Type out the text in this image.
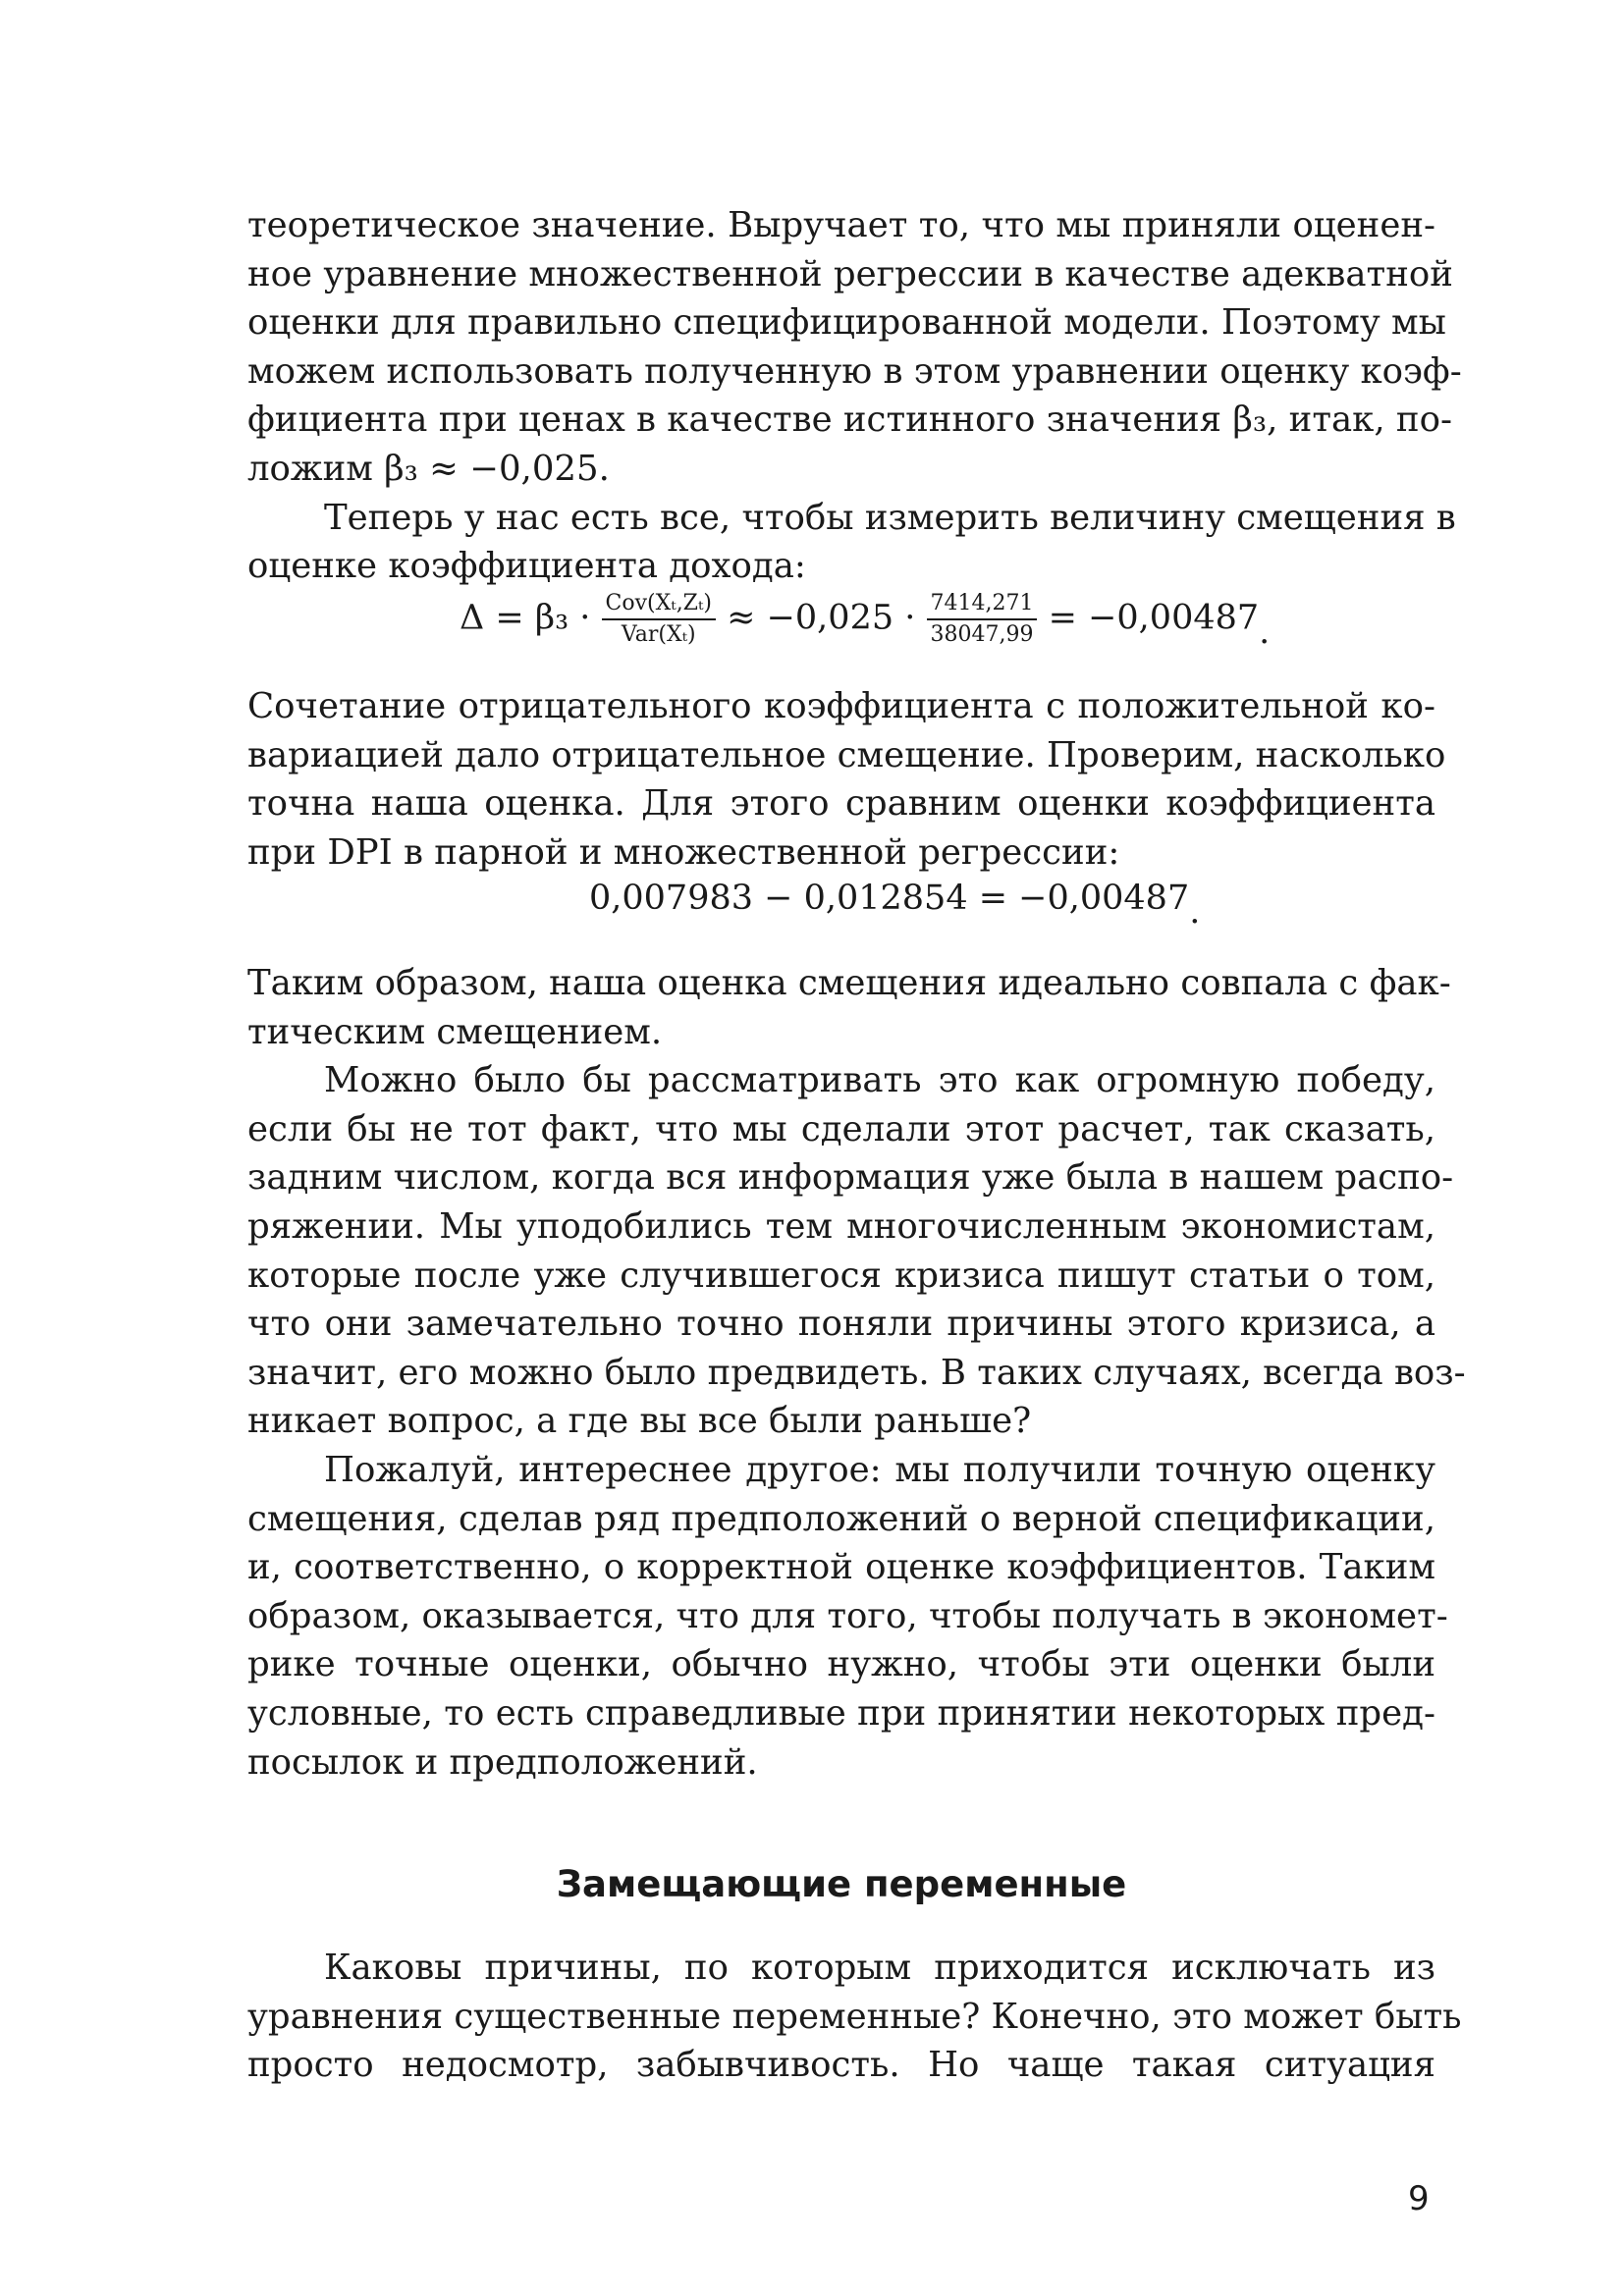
теоретическое значение. Выручает то, что мы приняли оценен-
ное уравнение множественной регрессии в качестве адекватной
оценки для правильно специфицированной модели. Поэтому мы
можем использовать полученную в этом уравнении оценку коэф-
фициента при ценах в качестве истинного значения β₃, итак, по-
ложим β₃ ≈ −0,025.

Теперь у нас есть все, чтобы измерить величину смещения в
оценке коэффициента дохода:

$\Delta = \beta_3 \cdot \frac{\text{Cov(Xₜ,Zₜ)}}{\text{Var(Xₜ)}} \approx -0,025 \cdot \frac{7414,271}{38047,99} = -0,00487$.

Сочетание отрицательного коэффициента с положительной ко-
вариацией дало отрицательное смещение. Проверим, насколько
точна наша оценка. Для этого сравним оценки коэффициента
при DPI в парной и множественной регрессии:

0,007983 − 0,012854 = −0,00487.

Таким образом, наша оценка смещения идеально совпала с фак-
тическим смещением.

Можно было бы рассматривать это как огромную победу,
если бы не тот факт, что мы сделали этот расчет, так сказать,
задним числом, когда вся информация уже была в нашем распо-
ряжении. Мы уподобились тем многочисленным экономистам,
которые после уже случившегося кризиса пишут статьи о том,
что они замечательно точно поняли причины этого кризиса, а
значит, его можно было предвидеть. В таких случаях, всегда воз-
никает вопрос, а где вы все были раньше?

Пожалуй, интереснее другое: мы получили точную оценку
смещения, сделав ряд предположений о верной спецификации,
и, соответственно, о корректной оценке коэффициентов. Таким
образом, оказывается, что для того, чтобы получать в экономет-
рике точные оценки, обычно нужно, чтобы эти оценки были
условные, то есть справедливые при принятии некоторых пред-
посылок и предположений.

Замещающие переменные

Каковы причины, по которым приходится исключать из
уравнения существенные переменные? Конечно, это может быть
просто недосмотр, забывчивость. Но чаще такая ситуация

9
